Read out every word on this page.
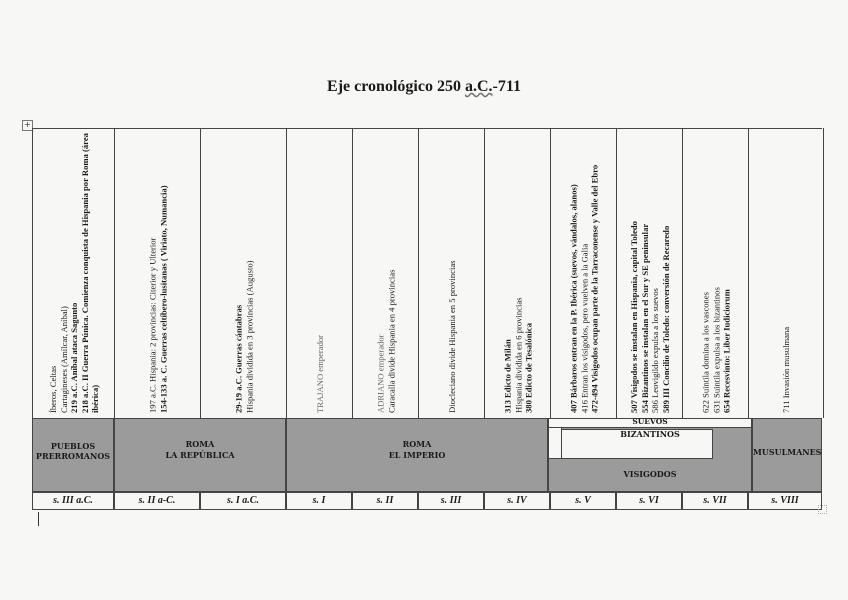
Eje cronológico 250 a.C.-711
+
PUEBLOS PRERROMANOS
ROMA
LA REPÚBLICA
ROMA
EL IMPERIO
SUEVOS
BIZANTINOS
VISIGODOS
MUSULMANES

Íberos, Celtas Cartagineses (Amílcar, Aníbal) 219 a.C. Aníbal ataca Sagunto 218 a.C. II Guerra Púnica. Comienza conquista de Hispania por Roma (área ibérica)

s. III a.C.

197 a.C. Hispania: 2 provincias: Citerior y Ulterior 154-133 a. C. Guerras celtíbero-lusitanas ( Viriato, Numancia)

s. II a-C.

29-19 a.C. Guerras cántabras Hispania dividida en 3 provincias (Augusto)

s. I a.C.

TRAJANO emperador

s. I

ADRIANO emperador Caracalla divide Hispania en 4 provincias

s. II

Diocleciano divide Hispania en 5 provincias

s. III

313 Edicto de Milán Hispania dividida en 6 provincias 380 Edicto de Tesalónica

s. IV

407 Bárbaros entran en la P. Ibérica (suevos, vándalos, alanos) 416 Entran los visigodos, pero vuelven a la Galia 472-494 Visigodos ocupan parte de la Tarraconense y Valle del Ebro

s. V

507 Visigodos se instalan en Hispania, capital Toledo 554 Bizantinos se instalan en el Sur y SE peninsular 586 Leovigildo expulsa a los suevos 589 III Concilio de Toledo: conversión de Recaredo

s. VI

622 Suintila domina a los vascones 631 Suintila expulsa a los bizantinos 654 Recesvinto: Liber Iudiciorum

s. VII

711 Invasión musulmana

s. VIII
